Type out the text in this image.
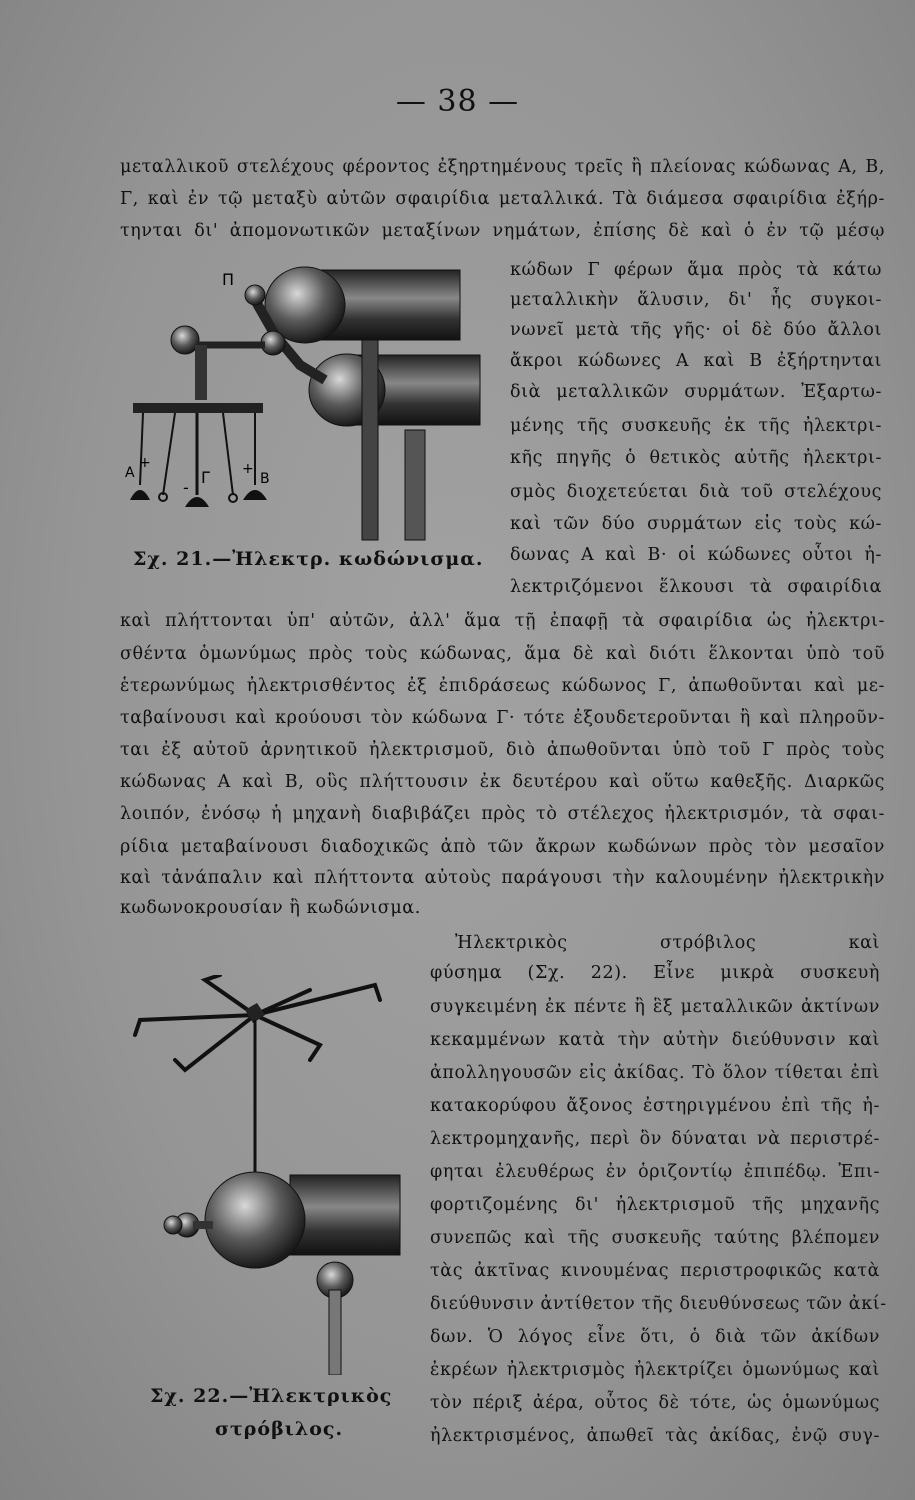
— 38 —
μεταλλικοῦ στελέχους φέροντος ἐξηρτημένους τρεῖς ἢ πλείονας κώδωνας Α, Β,
Γ, καὶ ἐν τῷ μεταξὺ αὐτῶν σφαιρίδια μεταλλικά. Τὰ διάμεσα σφαιρίδια ἐξήρ-
τηνται δι' ἀπομονωτικῶν μεταξίνων νημάτων, ἐπίσης δὲ καὶ ὁ ἐν τῷ μέσῳ
κώδων Γ φέρων ἅμα πρὸς τὰ κάτω
μεταλλικὴν ἅλυσιν, δι' ἧς συγκοι-
νωνεῖ μετὰ τῆς γῆς· οἱ δὲ δύο ἄλλοι
ἄκροι κώδωνες Α καὶ Β ἐξήρτηνται
διὰ μεταλλικῶν συρμάτων. Ἐξαρτω-
μένης τῆς συσκευῆς ἐκ τῆς ἠλεκτρι-
κῆς πηγῆς ὁ θετικὸς αὐτῆς ἠλεκτρι-
σμὸς διοχετεύεται διὰ τοῦ στελέχους
καὶ τῶν δύο συρμάτων εἰς τοὺς κώ-
δωνας Α καὶ Β· οἱ κώδωνες οὗτοι ἠ-
λεκτριζόμενοι ἕλκουσι τὰ σφαιρίδια
Π
A
+
-
Γ +
B
Σχ. 21.—Ἠλεκτρ. κωδώνισμα.
καὶ πλήττονται ὑπ' αὐτῶν, ἀλλ' ἅμα τῇ ἐπαφῇ τὰ σφαιρίδια ὡς ἠλεκτρι-
σθέντα ὁμωνύμως πρὸς τοὺς κώδωνας, ἅμα δὲ καὶ διότι ἕλκονται ὑπὸ τοῦ
ἑτερωνύμως ἠλεκτρισθέντος ἐξ ἐπιδράσεως κώδωνος Γ, ἀπωθοῦνται καὶ με-
ταβαίνουσι καὶ κρούουσι τὸν κώδωνα Γ· τότε ἐξουδετεροῦνται ἢ καὶ πληροῦν-
ται ἐξ αὐτοῦ ἀρνητικοῦ ἠλεκτρισμοῦ, διὸ ἀπωθοῦνται ὑπὸ τοῦ Γ πρὸς τοὺς
κώδωνας Α καὶ Β, οὓς πλήττουσιν ἐκ δευτέρου καὶ οὕτω καθεξῆς. Διαρκῶς
λοιπόν, ἐνόσῳ ἡ μηχανὴ διαβιβάζει πρὸς τὸ στέλεχος ἠλεκτρισμόν, τὰ σφαι-
ρίδια μεταβαίνουσι διαδοχικῶς ἀπὸ τῶν ἄκρων κωδώνων πρὸς τὸν μεσαῖον
καὶ τἀνάπαλιν καὶ πλήττοντα αὐτοὺς παράγουσι τὴν καλουμένην ἠλεκτρικὴν
κωδωνοκρουσίαν ἢ κωδώνισμα.
Ἠλεκτρικὸς στρόβιλος καὶ
φύσημα (Σχ. 22). Εἶνε μικρὰ συσκευὴ
συγκειμένη ἐκ πέντε ἢ ἓξ μεταλλικῶν ἀκτίνων
κεκαμμένων κατὰ τὴν αὐτὴν διεύθυνσιν καὶ
ἀπολληγουσῶν εἰς ἀκίδας. Τὸ ὅλον τίθεται ἐπὶ
κατακορύφου ἄξονος ἐστηριγμένου ἐπὶ τῆς ἠ-
λεκτρομηχανῆς, περὶ ὃν δύναται νὰ περιστρέ-
φηται ἐλευθέρως ἐν ὁριζοντίῳ ἐπιπέδῳ. Ἐπι-
φορτιζομένης δι' ἠλεκτρισμοῦ τῆς μηχανῆς
συνεπῶς καὶ τῆς συσκευῆς ταύτης βλέπομεν
τὰς ἀκτῖνας κινουμένας περιστροφικῶς κατὰ
διεύθυνσιν ἀντίθετον τῆς διευθύνσεως τῶν ἀκί-
δων. Ὁ λόγος εἶνε ὅτι, ὁ διὰ τῶν ἀκίδων
ἐκρέων ἠλεκτρισμὸς ἠλεκτρίζει ὁμωνύμως καὶ
τὸν πέριξ ἀέρα, οὗτος δὲ τότε, ὡς ὁμωνύμως
ἠλεκτρισμένος, ἀπωθεῖ τὰς ἀκίδας, ἐνῷ συγ-
Σχ. 22.—Ἠλεκτρικὸς
στρόβιλος.
